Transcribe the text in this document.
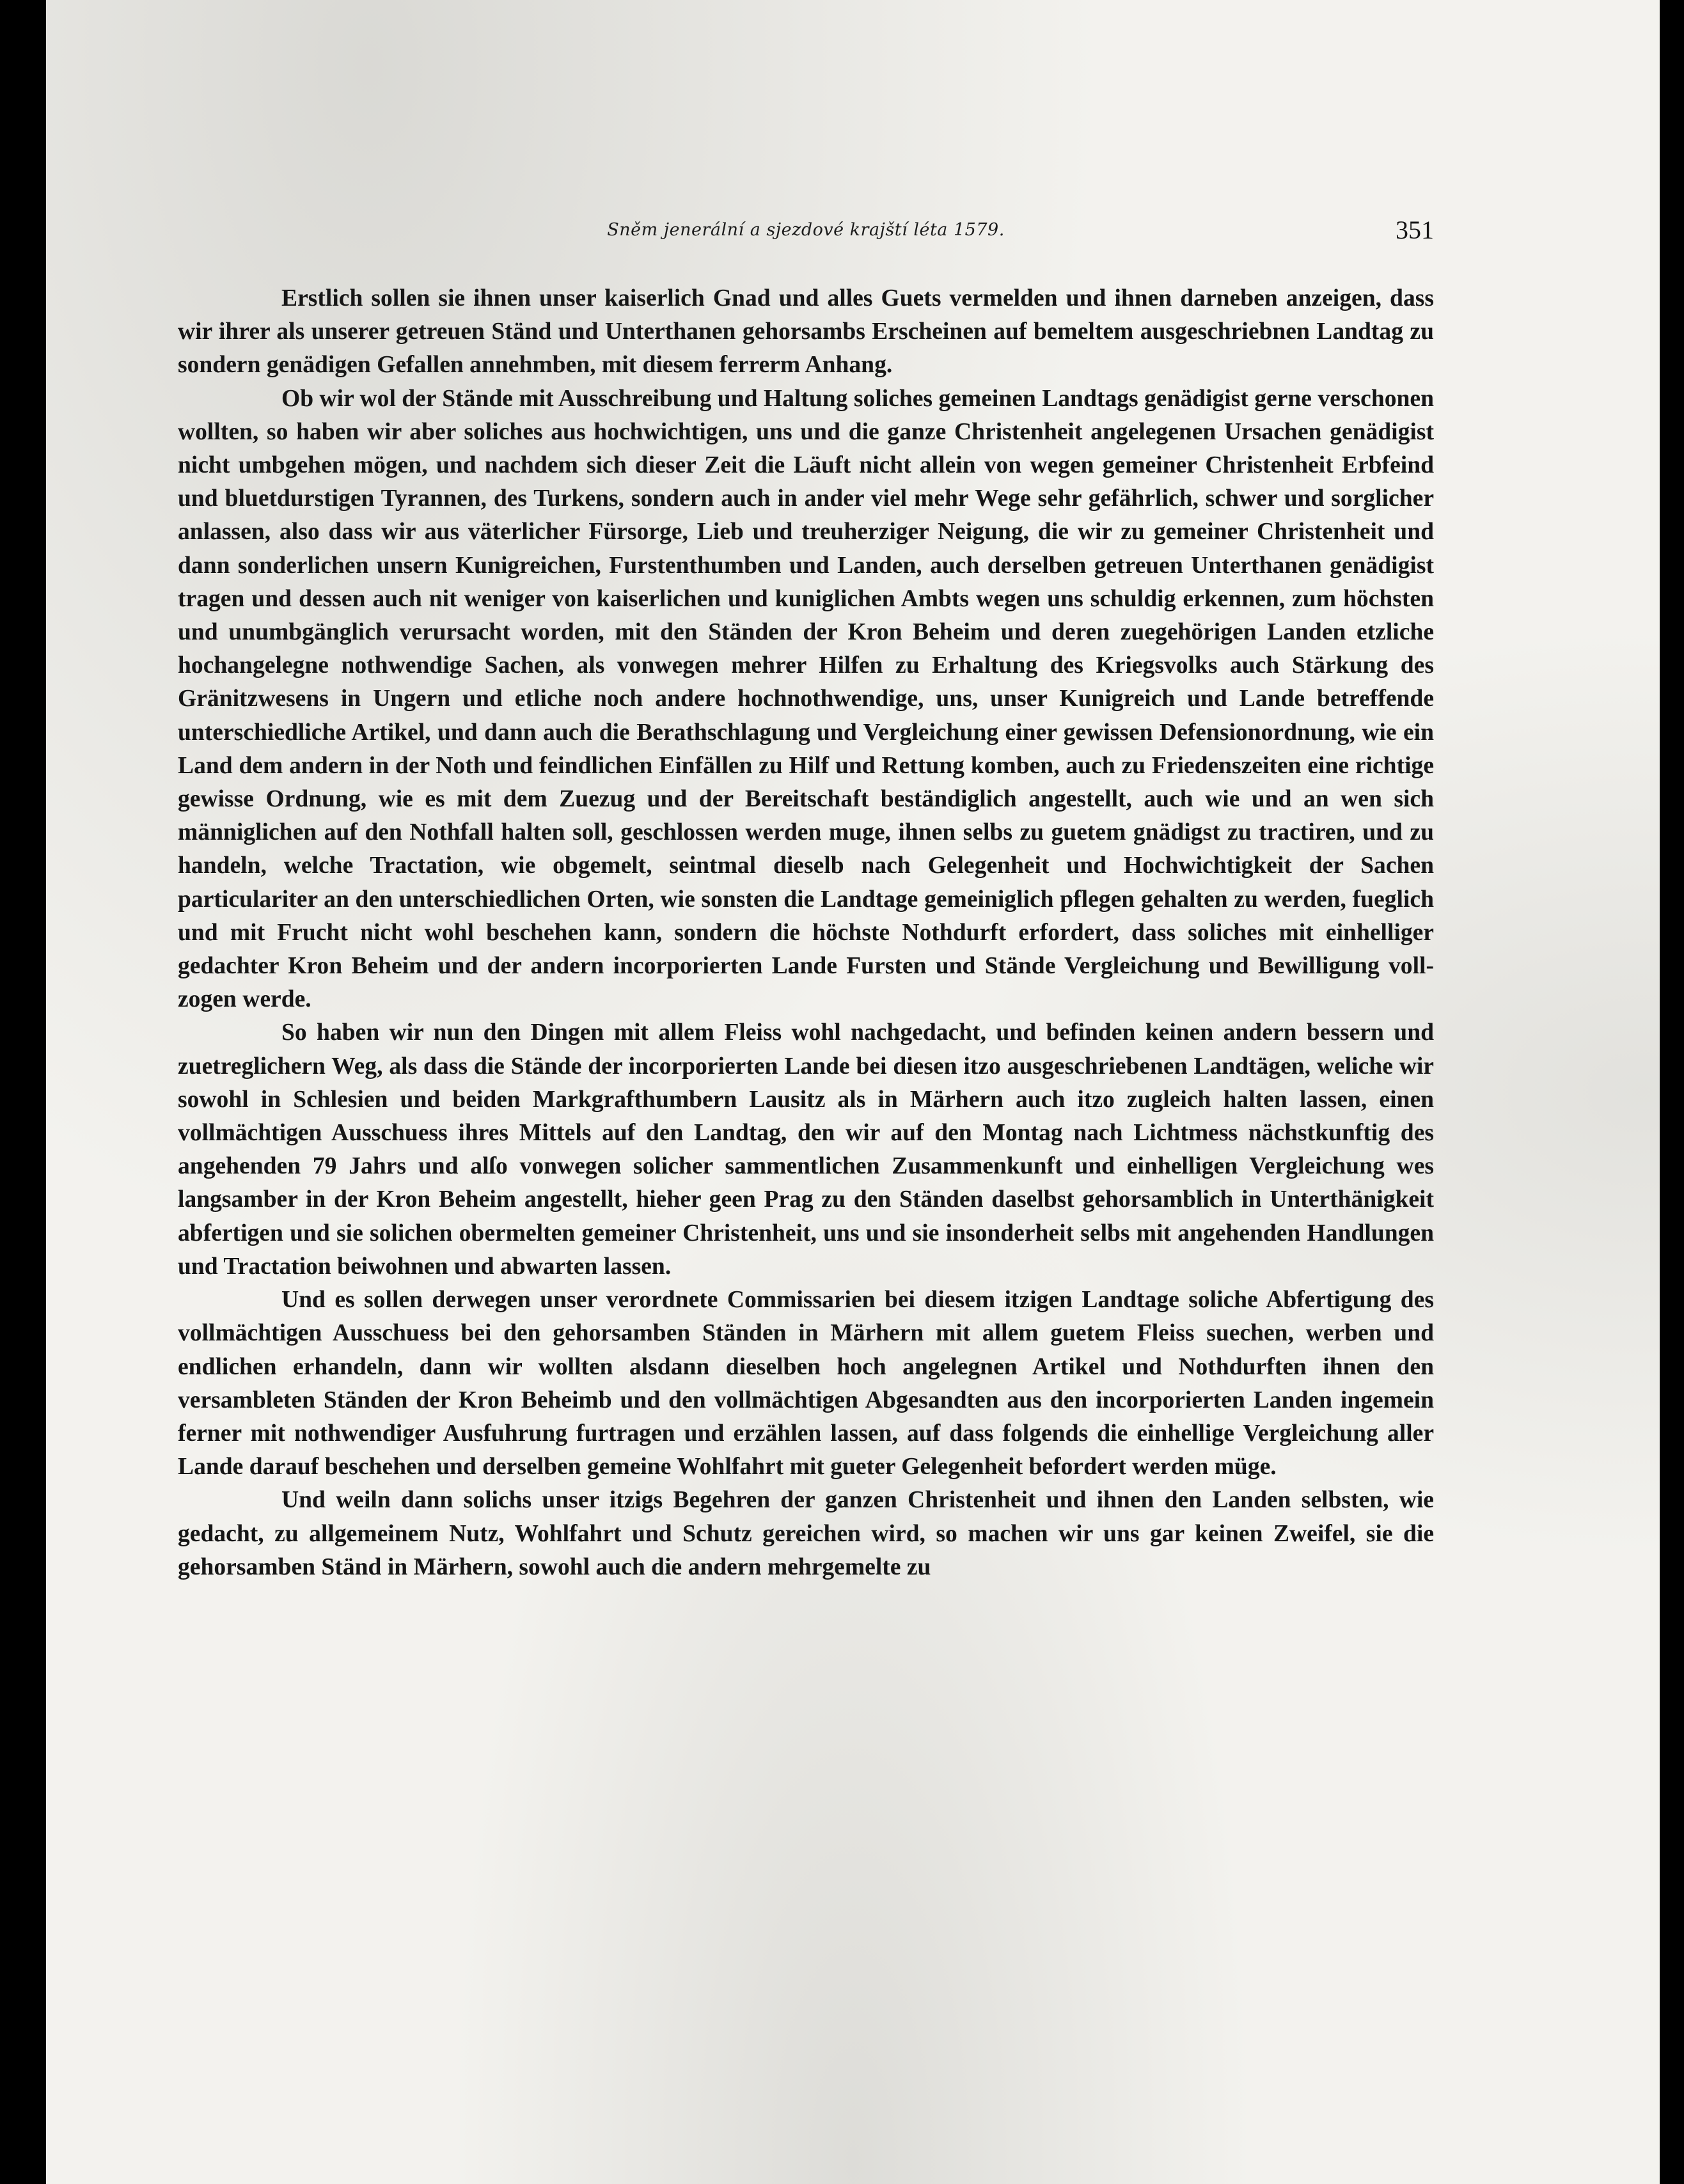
Sněm jenerální a sjezdové krajští léta 1579.	351

Erstlich sollen sie ihnen unser kaiserlich Gnad und alles Guets vermelden und ihnen darneben anzeigen, dass wir ihrer als unserer getreuen Ständ und Unterthanen gehorsambs Erscheinen auf bemeltem ausgeschriebnen Landtag zu sondern genädigen Gefallen annehmben, mit diesem ferrerm Anhang.

Ob wir wol der Stände mit Ausschreibung und Haltung soliches gemeinen Landtags genädigist gerne verschonen wollten, so haben wir aber soliches aus hochwichtigen, uns und die ganze Christenheit angelegenen Ursachen genädigist nicht umbgehen mögen, und nachdem sich dieser Zeit die Läuft nicht allein von wegen gemeiner Christenheit Erbfeind und bluetdurstigen Tyrannen, des Turkens, sondern auch in ander viel mehr Wege sehr gefährlich, schwer und sorglicher anlassen, also dass wir aus väterlicher Fürsorge, Lieb und treuherziger Neigung, die wir zu gemeiner Christenheit und dann sonderlichen unsern Kunigreichen, Furstenthumben und Landen, auch derselben getreuen Unterthanen genädigist tragen und dessen auch nit weniger von kaiserlichen und kuniglichen Ambts wegen uns schuldig erkennen, zum höchsten und unumbgänglich verursacht worden, mit den Ständen der Kron Beheim und deren zuegehörigen Landen etzliche hochangelegne nothwendige Sachen, als vonwegen mehrer Hilfen zu Erhaltung des Kriegsvolks auch Stärkung des Gränitzwesens in Ungern und etliche noch andere hochnothwendige, uns, unser Kunigreich und Lande betreffende unterschiedliche Artikel, und dann auch die Berathschlagung und Vergleichung einer gewissen Defensionordnung, wie ein Land dem andern in der Noth und feindlichen Einfällen zu Hilf und Rettung komben, auch zu Friedenszeiten eine richtige gewisse Ordnung, wie es mit dem Zuezug und der Bereitschaft beständiglich angestellt, auch wie und an wen sich männiglichen auf den Nothfall halten soll, geschlossen werden muge, ihnen selbs zu guetem gnädigst zu tractiren, und zu handeln, welche Tractation, wie obgemelt, seintmal dieselb nach Gelegenheit und Hochwichtigkeit der Sachen particulariter an den unterschiedlichen Orten, wie sonsten die Landtage gemeiniglich pflegen gehalten zu werden, fueglich und mit Frucht nicht wohl beschehen kann, sondern die höchste Nothdurft erfordert, dass soliches mit einhelliger gedachter Kron Beheim und der andern incorporierten Lande Fursten und Stände Vergleichung und Bewilligung vollzogen werde.

So haben wir nun den Dingen mit allem Fleiss wohl nachgedacht, und befinden keinen andern bessern und zuetreglichern Weg, als dass die Stände der incorporierten Lande bei diesen itzo ausgeschriebenen Landtägen, weliche wir sowohl in Schlesien und beiden Markgrafthumbern Lausitz als in Märhern auch itzo zugleich halten lassen, einen vollmächtigen Ausschuess ihres Mittels auf den Landtag, den wir auf den Montag nach Lichtmess nächstkunftig des angehenden 79 Jahrs und alſo vonwegen solicher sammentlichen Zusammenkunft und einhelligen Vergleichung wes langsamber in der Kron Beheim angestellt, hieher geen Prag zu den Ständen daselbst gehorsamblich in Unterthänigkeit abfertigen und sie solichen obermelten gemeiner Christenheit, uns und sie insonderheit selbs mit angehenden Handlungen und Tractation beiwohnen und abwarten lassen.

Und es sollen derwegen unser verordnete Commissarien bei diesem itzigen Landtage soliche Abfertigung des vollmächtigen Ausschuess bei den gehorsamben Ständen in Märhern mit allem guetem Fleiss suechen, werben und endlichen erhandeln, dann wir wollten alsdann dieselben hoch angelegnen Artikel und Nothdurften ihnen den versambleten Ständen der Kron Beheimb und den vollmächtigen Abgesandten aus den incorporierten Landen ingemein ferner mit nothwendiger Ausfuhrung furtragen und erzählen lassen, auf dass folgends die einhellige Vergleichung aller Lande darauf beschehen und derselben gemeine Wohlfahrt mit gueter Gelegenheit befordert werden müge.

Und weiln dann solichs unser itzigs Begehren der ganzen Christenheit und ihnen den Landen selbsten, wie gedacht, zu allgemeinem Nutz, Wohlfahrt und Schutz gereichen wird, so machen wir uns gar keinen Zweifel, sie die gehorsamben Ständ in Märhern, sowohl auch die andern mehrgemelte zu
